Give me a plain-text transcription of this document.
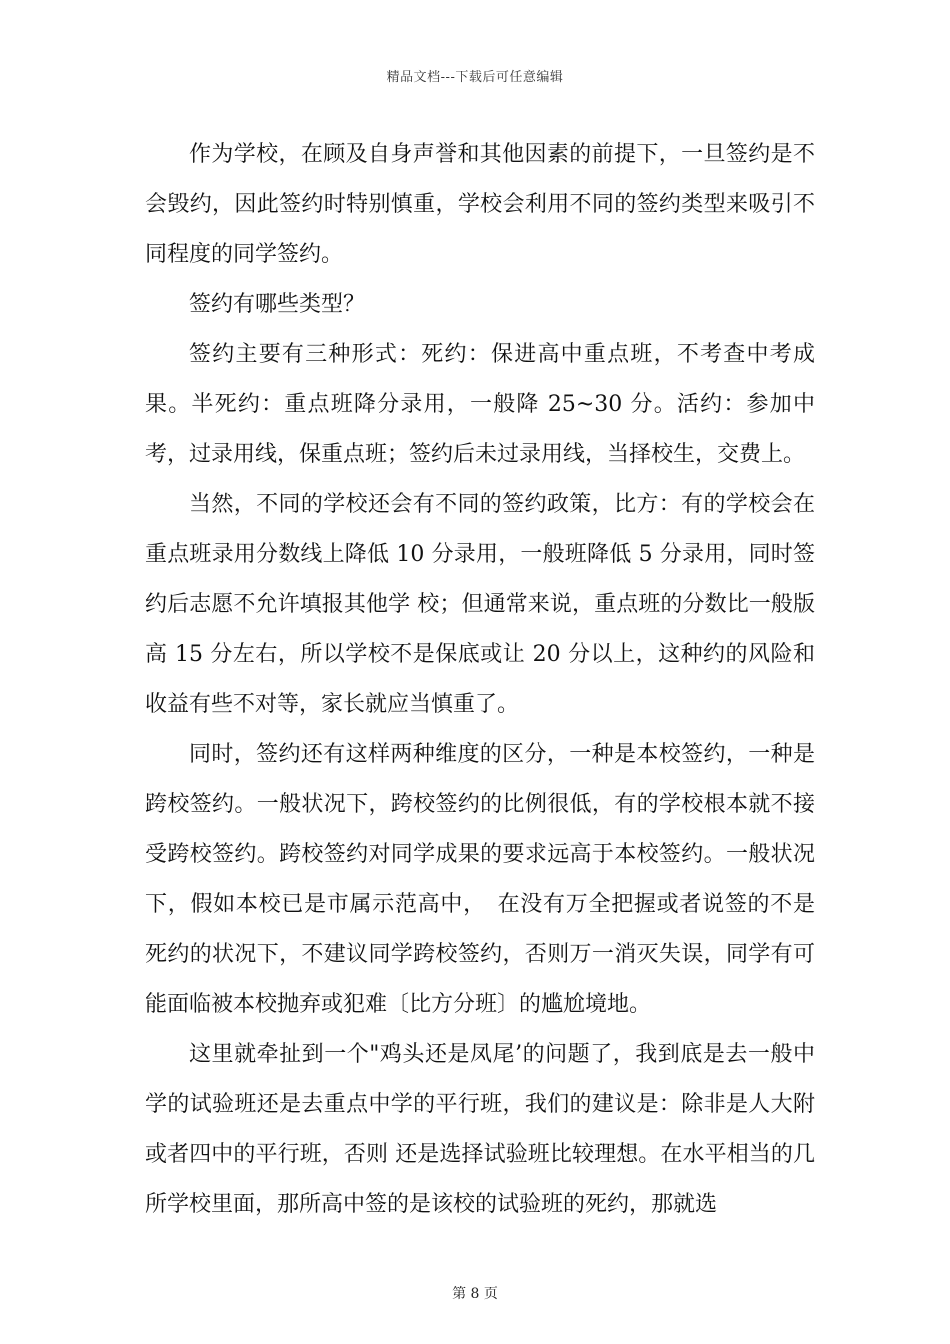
精品文档---下载后可任意编辑

作为学校，在顾及自身声誉和其他因素的前提下，一旦签约是不会毁约，因此签约时特别慎重，学校会利用不同的签约类型来吸引不同程度的同学签约。

签约有哪些类型？

签约主要有三种形式：死约：保进高中重点班，不考查中考成果。半死约：重点班降分录用，一般降 25~30 分。活约：参加中考，过录用线，保重点班；签约后未过录用线，当择校生，交费上。

当然，不同的学校还会有不同的签约政策，比方：有的学校会在重点班录用分数线上降低 10 分录用，一般班降低 5 分录用，同时签约后志愿不允许填报其他学 校；但通常来说，重点班的分数比一般版高 15 分左右，所以学校不是保底或让 20 分以上，这种约的风险和收益有些不对等，家长就应当慎重了。

同时，签约还有这样两种维度的区分，一种是本校签约，一种是跨校签约。一般状况下，跨校签约的比例很低，有的学校根本就不接受跨校签约。跨校签约对同学成果的要求远高于本校签约。一般状况下，假如本校已是市属示范高中，　在没有万全把握或者说签的不是死约的状况下，不建议同学跨校签约，否则万一消灭失误，同学有可能面临被本校抛弃或犯难〔比方分班〕的尴尬境地。

这里就牵扯到一个"鸡头还是凤尾’的问题了，我到底是去一般中学的试验班还是去重点中学的平行班，我们的建议是：除非是人大附或者四中的平行班，否则 还是选择试验班比较理想。在水平相当的几所学校里面，那所高中签的是该校的试验班的死约，那就选

第 8 页
